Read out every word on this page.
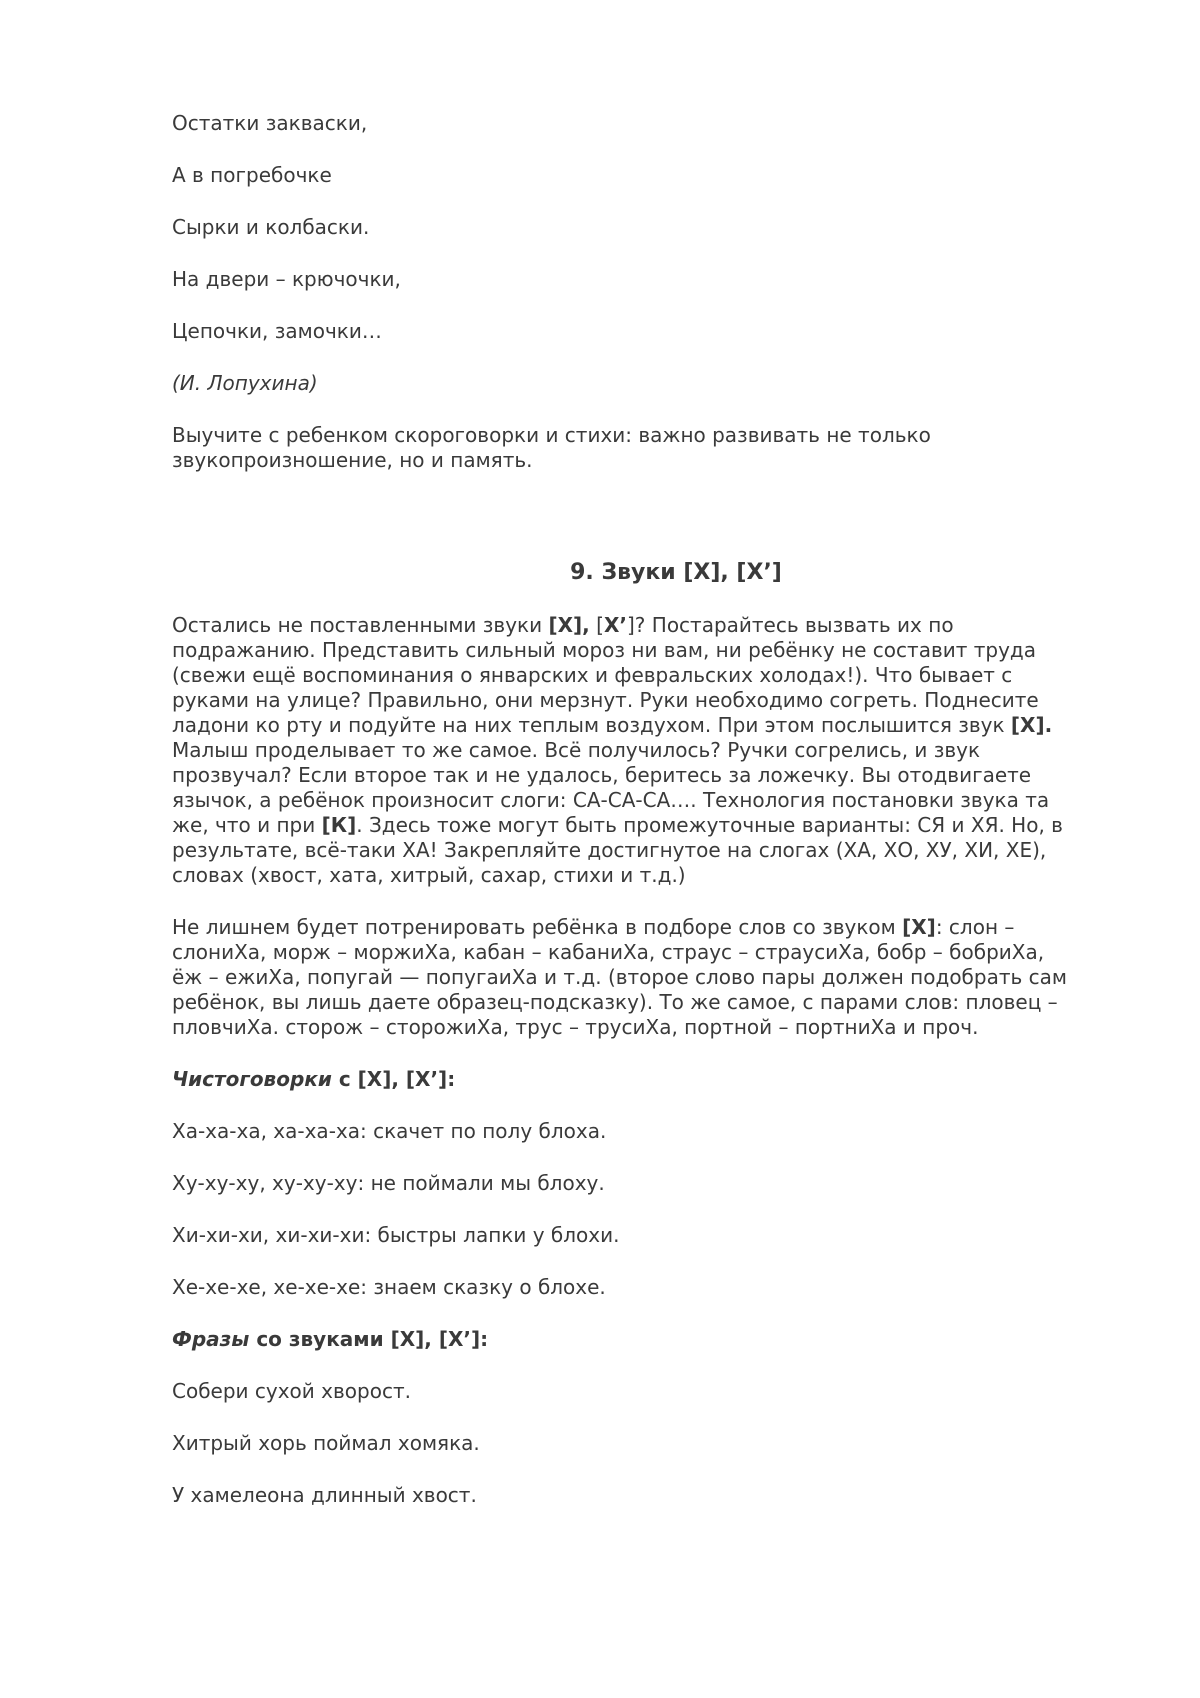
Остатки закваски,

А в погребочке

Сырки и колбаски.

На двери – крючочки,

Цепочки, замочки…

(И. Лопухина)

Выучите с ребенком скороговорки и стихи: важно развивать не только звукопроизношение, но и память.

9. Звуки [Х], [Х’]

Остались не поставленными звуки [Х], [Х’]? Постарайтесь вызвать их по подражанию. Представить сильный мороз ни вам, ни ребёнку не составит труда (свежи ещё воспоминания о январских и февральских холодах!). Что бывает с руками на улице? Правильно, они мерзнут. Руки необходимо согреть. Поднесите ладони ко рту и подуйте на них теплым воздухом. При этом послышится звук [Х]. Малыш проделывает то же самое. Всё получилось? Ручки согрелись, и звук прозвучал? Если второе так и не удалось, беритесь за ложечку. Вы отодвигаете язычок, а ребёнок произносит слоги: СА-СА-СА…. Технология постановки звука та же, что и при [К]. Здесь тоже могут быть промежуточные варианты: СЯ и ХЯ. Но, в результате, всё-таки ХА! Закрепляйте достигнутое на слогах (ХА, ХО, ХУ, ХИ, ХЕ), словах (хвост, хата, хитрый, сахар, стихи и т.д.)

Не лишнем будет потренировать ребёнка в подборе слов со звуком [Х]: слон – слониХа, морж – моржиХа, кабан – кабаниХа, страус – страусиХа, бобр – бобриХа, ёж – ежиХа, попугай — попугаиХа и т.д. (второе слово пары должен подобрать сам ребёнок, вы лишь даете образец-подсказку). То же самое, с парами слов: пловец – пловчиХа. сторож – сторожиХа, трус – трусиХа, портной – портниХа и проч.

Чистоговорки с [Х], [Х’]:

Ха-ха-ха, ха-ха-ха: скачет по полу блоха.

Ху-ху-ху, ху-ху-ху: не поймали мы блоху.

Хи-хи-хи, хи-хи-хи: быстры лапки у блохи.

Хе-хе-хе, хе-хе-хе: знаем сказку о блохе.

Фразы со звуками [Х], [Х’]:

Собери сухой хворост.

Хитрый хорь поймал хомяка.

У хамелеона длинный хвост.
